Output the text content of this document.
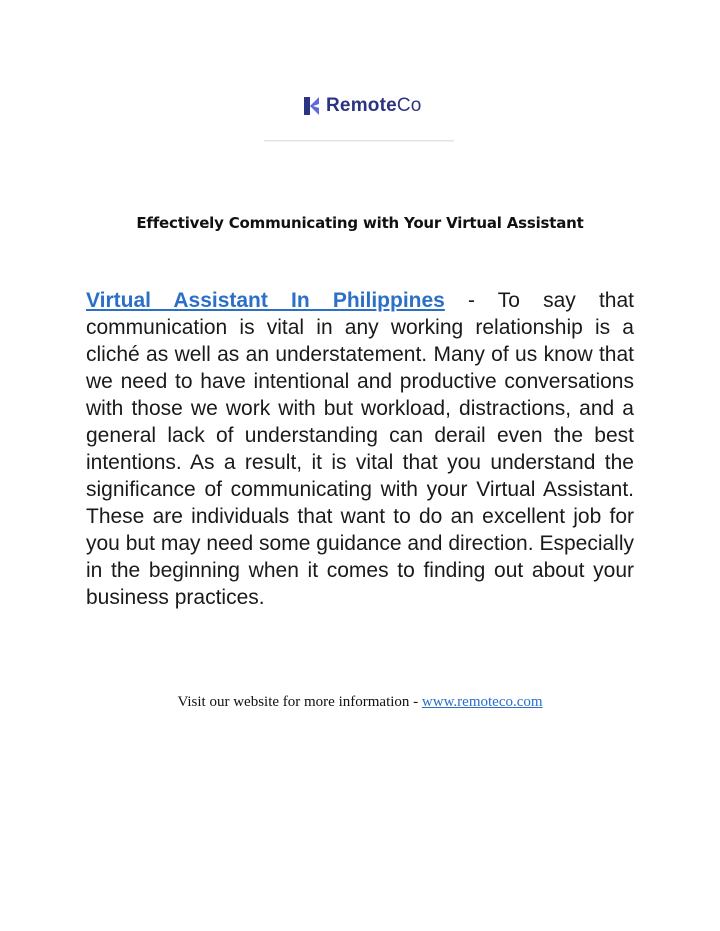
RemoteCo
Effectively Communicating with Your Virtual Assistant

Virtual Assistant In Philippines - To say that communication is vital in any working relationship is a cliché as well as an understatement. Many of us know that we need to have intentional and productive conversations with those we work with but workload, distractions, and a general lack of understanding can derail even the best intentions. As a result, it is vital that you understand the significance of communicating with your Virtual Assistant. These are individuals that want to do an excellent job for you but may need some guidance and direction. Especially in the beginning when it comes to finding out about your business practices.

Visit our website for more information - www.remoteco.com
